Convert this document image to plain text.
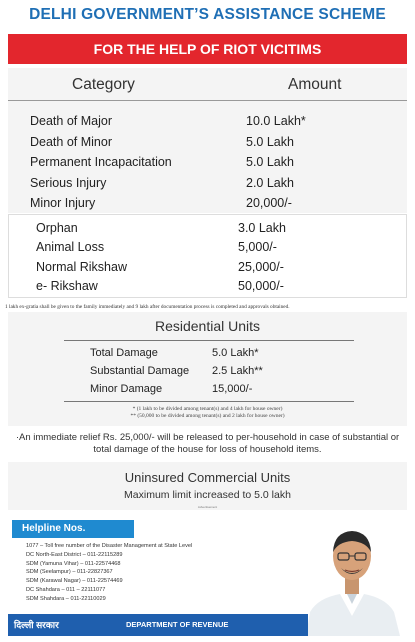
DELHI GOVERNMENT’S ASSISTANCE SCHEME
FOR THE HELP OF RIOT VICITIMS
Category	Amount
Death of Major	10.0 Lakh*
Death of Minor	5.0 Lakh
Permanent Incapacitation	5.0 Lakh
Serious Injury	2.0 Lakh
Minor Injury	20,000/-
Orphan	3.0 Lakh
Animal Loss	5,000/-
Normal Rikshaw	25,000/-
e- Rikshaw	50,000/-
1 lakh ex-gratia shall be given to the family immediately and 9 lakh after documentation process is completed and approvals obtained.
Residential Units
Total Damage	5.0 Lakh*
Substantial Damage 2.5 Lakh**
Minor Damage	15,000/-
* (1 lakh to be divided among tenant(s) and 4 lakh for house owner)
** (50,000 to be divided among tenant(s) and 2 lakh for house owner)
·An immediate relief Rs. 25,000/- will be released to per-household in case of substantial or total damage of the house for loss of household items.
Uninsured Commercial Units
Maximum limit increased to 5.0 lakh
Advertisement
Helpline Nos.
1077 – Toll free number of the Disaster Management at State Level
DC North-East District – 011-22115289
SDM (Yamuna Vihar) – 011-22574468
SDM (Seelampur) – 011-22827367
SDM (Karawal Nagar) – 011-22574469
DC Shahdara – 011 – 22111077
SDM Shahdara – 011-22110029
दिल्ली सरकार	DEPARTMENT OF REVENUE
